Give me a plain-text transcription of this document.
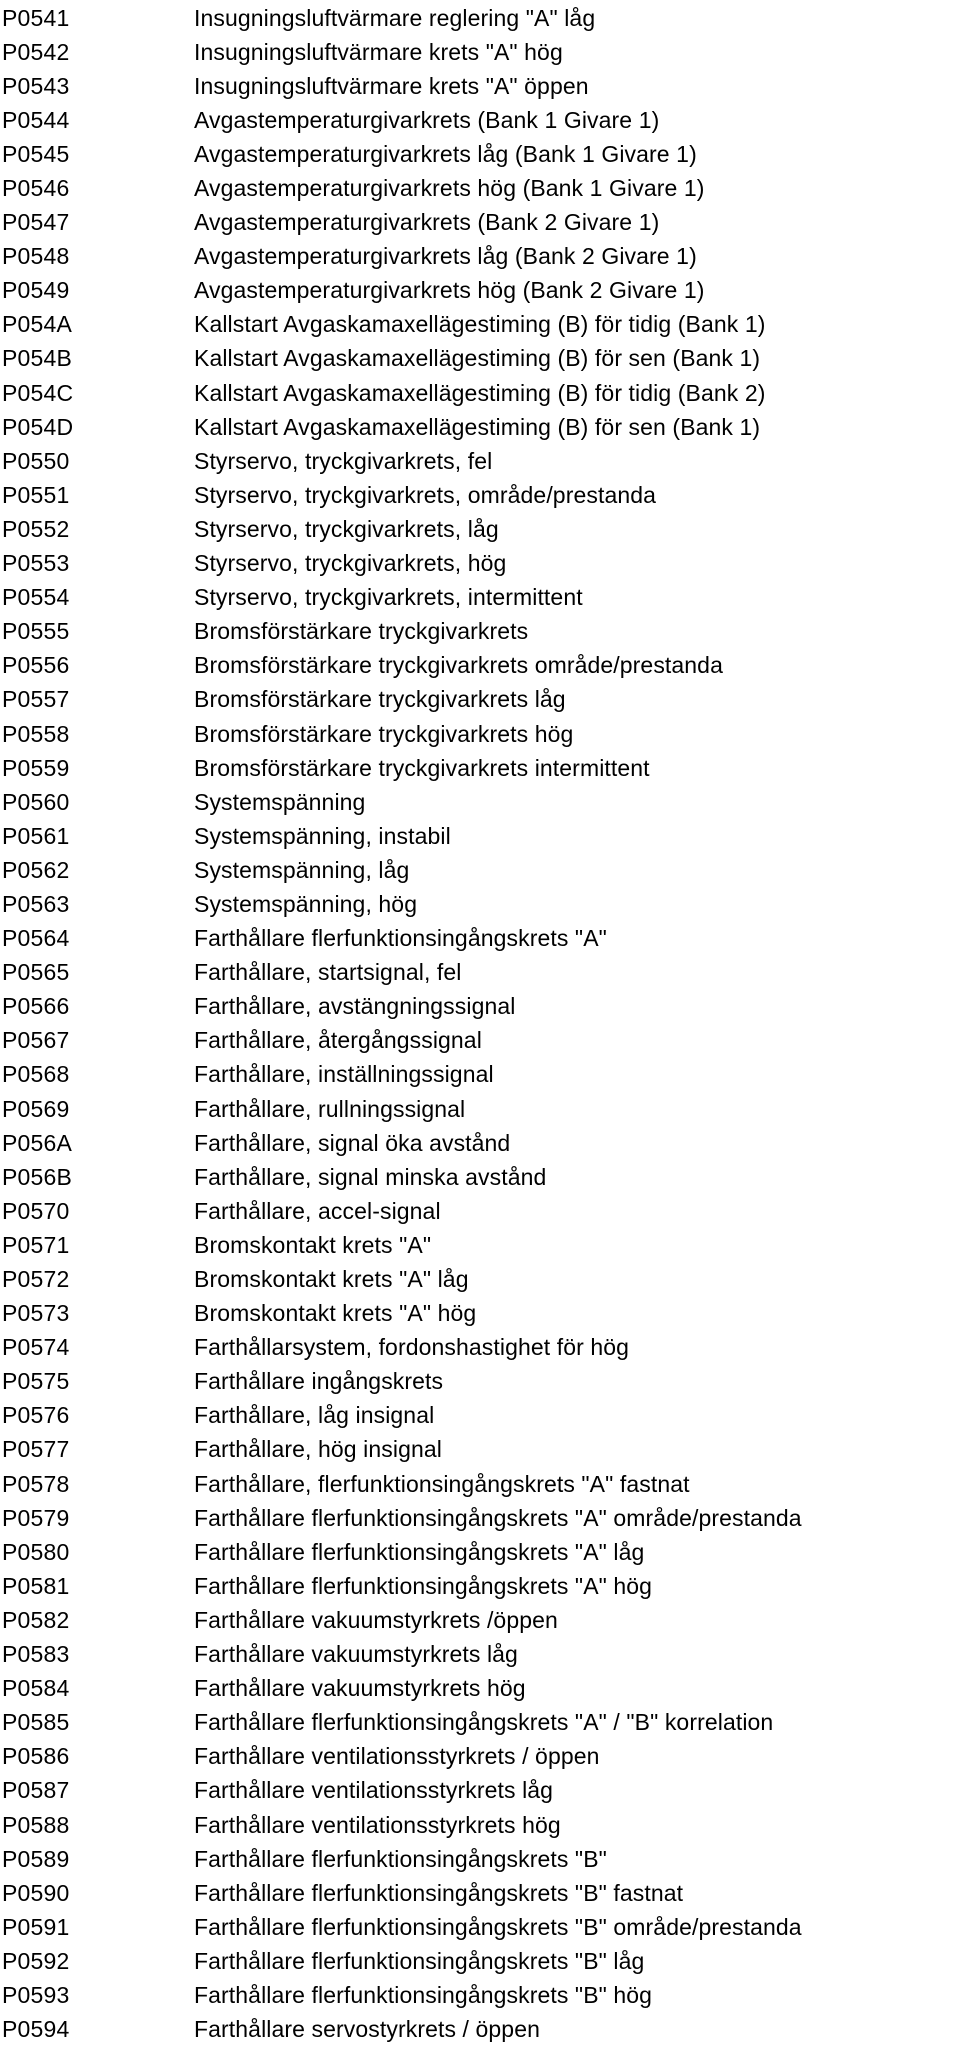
P0541	Insugningsluftvärmare reglering "A" låg
P0542	Insugningsluftvärmare krets "A" hög
P0543	Insugningsluftvärmare krets "A" öppen
P0544	Avgastemperaturgivarkrets (Bank 1 Givare 1)
P0545	Avgastemperaturgivarkrets låg (Bank 1 Givare 1)
P0546	Avgastemperaturgivarkrets hög (Bank 1 Givare 1)
P0547	Avgastemperaturgivarkrets (Bank 2 Givare 1)
P0548	Avgastemperaturgivarkrets låg (Bank 2 Givare 1)
P0549	Avgastemperaturgivarkrets hög (Bank 2 Givare 1)
P054A	Kallstart Avgaskamaxellägestiming (B) för tidig (Bank 1)
P054B	Kallstart Avgaskamaxellägestiming (B) för sen (Bank 1)
P054C	Kallstart Avgaskamaxellägestiming (B) för tidig (Bank 2)
P054D	Kallstart Avgaskamaxellägestiming (B) för sen (Bank 1)
P0550	Styrservo, tryckgivarkrets, fel
P0551	Styrservo, tryckgivarkrets, område/prestanda
P0552	Styrservo, tryckgivarkrets, låg
P0553	Styrservo, tryckgivarkrets, hög
P0554	Styrservo, tryckgivarkrets, intermittent
P0555	Bromsförstärkare tryckgivarkrets
P0556	Bromsförstärkare tryckgivarkrets område/prestanda
P0557	Bromsförstärkare tryckgivarkrets låg
P0558	Bromsförstärkare tryckgivarkrets hög
P0559	Bromsförstärkare tryckgivarkrets intermittent
P0560	Systemspänning
P0561	Systemspänning, instabil
P0562	Systemspänning, låg
P0563	Systemspänning, hög
P0564	Farthållare flerfunktionsingångskrets "A"
P0565	Farthållare, startsignal, fel
P0566	Farthållare, avstängningssignal
P0567	Farthållare, återgångssignal
P0568	Farthållare, inställningssignal
P0569	Farthållare, rullningssignal
P056A	Farthållare, signal öka avstånd
P056B	Farthållare, signal minska avstånd
P0570	Farthållare, accel-signal
P0571	Bromskontakt krets "A"
P0572	Bromskontakt krets "A" låg
P0573	Bromskontakt krets "A" hög
P0574	Farthållarsystem, fordonshastighet för hög
P0575	Farthållare ingångskrets
P0576	Farthållare, låg insignal
P0577	Farthållare, hög insignal
P0578	Farthållare, flerfunktionsingångskrets "A" fastnat
P0579	Farthållare flerfunktionsingångskrets "A" område/prestanda
P0580	Farthållare flerfunktionsingångskrets "A" låg
P0581	Farthållare flerfunktionsingångskrets "A" hög
P0582	Farthållare vakuumstyrkrets /öppen
P0583	Farthållare vakuumstyrkrets låg
P0584	Farthållare vakuumstyrkrets hög
P0585	Farthållare flerfunktionsingångskrets "A" / "B" korrelation
P0586	Farthållare ventilationsstyrkrets / öppen
P0587	Farthållare ventilationsstyrkrets låg
P0588	Farthållare ventilationsstyrkrets hög
P0589	Farthållare flerfunktionsingångskrets "B"
P0590	Farthållare flerfunktionsingångskrets "B" fastnat
P0591	Farthållare flerfunktionsingångskrets "B" område/prestanda
P0592	Farthållare flerfunktionsingångskrets "B" låg
P0593	Farthållare flerfunktionsingångskrets "B" hög
P0594	Farthållare servostyrkrets / öppen
